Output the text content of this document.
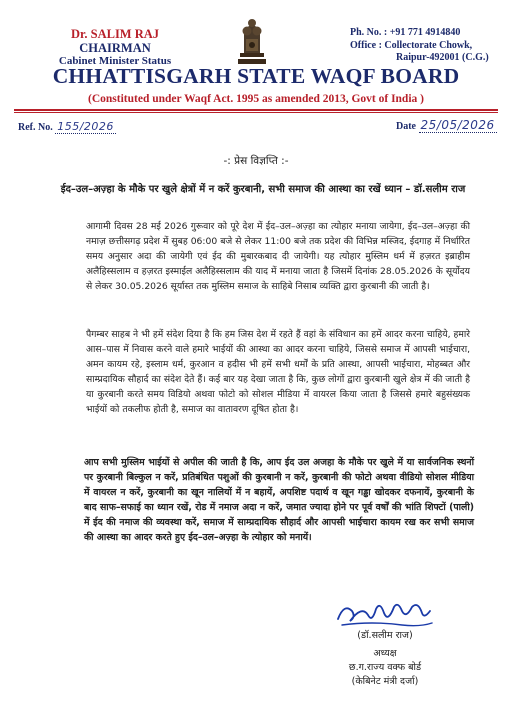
Dr. SALIM RAJ
CHAIRMAN
Cabinet Minister Status
Ph. No. : +91 771 4914840
Office : Collectorate Chowk,
Raipur-492001 (C.G.)
CHHATTISGARH STATE WAQF BOARD
(Constituted under Waqf Act. 1995 as amended 2013, Govt of India )
Ref. No. 155/2026	Date 25/05/2026
-: प्रेस विज्ञप्ति :-
ईद–उल–अज़्हा के मौके पर खुले क्षेत्रों में न करें कुरबानी, सभी समाज की आस्था का रखें ध्यान – डॉ.सलीम राज
आगामी दिवस 28 मई 2026 गुरूवार को पूरे देश में ईद–उल–अज़्हा का त्योहार मनाया जायेगा, ईद–उल–अज़्हा की नमाज़ छत्तीसगढ़ प्रदेश में सुबह 06:00 बजे से लेकर 11:00 बजे तक प्रदेश की विभिन्न मस्जिद, ईदगाह में निर्धारित समय अनुसार अदा की जायेगी एवं ईद की मुबारकबाद दी जायेगी। यह त्योहार मुस्लिम धर्म में हज़रत इब्राहीम अलैहिस्सलाम व हज़रत इस्माईल अलैहिस्सलाम की याद में मनाया जाता है जिसमें दिनांक 28.05.2026 के सूर्योदय से लेकर 30.05.2026 सूर्यास्त तक मुस्लिम समाज के साहिबे निसाब व्यक्ति द्वारा कुरबानी की जाती है।
पैगम्बर साहब ने भी हमें संदेश दिया है कि हम जिस देश में रहते हैं वहां के संविधान का हमें आदर करना चाहिये, हमारे आस–पास में निवास करने वाले हमारे भाईयों की आस्था का आदर करना चाहिये, जिससे समाज में आपसी भाईचारा, अमन कायम रहे, इस्लाम धर्म, कुरआन व हदीस भी हमें सभी धर्मों के प्रति आस्था, आपसी भाईचारा, मोहब्बत और साम्प्रदायिक सौहार्द का संदेश देते हैं। कई बार यह देखा जाता है कि, कुछ लोगों द्वारा कुरबानी खुले क्षेत्र में की जाती है या कुरबानी करते समय विडियो अथवा फोटो को सोशल मीडिया में वायरल किया जाता है जिससे हमारे बहुसंख्यक भाईयों को तकलीफ होती है, समाज का वातावरण दूषित होता है।
आप सभी मुस्लिम भाईयों से अपील की जाती है कि, आप ईद उल अजहा के मौके पर खुले में या सार्वजनिक स्थनों पर कुरबानी बिल्कुल न करें, प्रतिबंधित पशुओं की कुरबानी न करें, कुरबानी की फोटो अथवा वीडियो सोशल मीडिया में वायरल न करें, कुरबानी का खून नालियों में न बहायें, अपशिष्ट पदार्थ व खून गड्ढा खोदकर दफनायें, कुरबानी के बाद साफ–सफाई का ध्यान रखें, रोड में नमाज अदा न करें, जमात ज्यादा होने पर पूर्व वर्षों की भांति शिफ्टों (पाली) में ईद की नमाज की व्यवस्था करें, समाज में साम्प्रदायिक सौहार्द और आपसी भाईचारा कायम रख कर सभी समाज की आस्था का आदर करते हुए ईद–उल–अज़्हा के त्योहार को मनायें।
(डॉ.सलीम राज)
अध्यक्ष
छ.ग.राज्य वक्फ बोर्ड
(केबिनेट मंत्री दर्जा)
